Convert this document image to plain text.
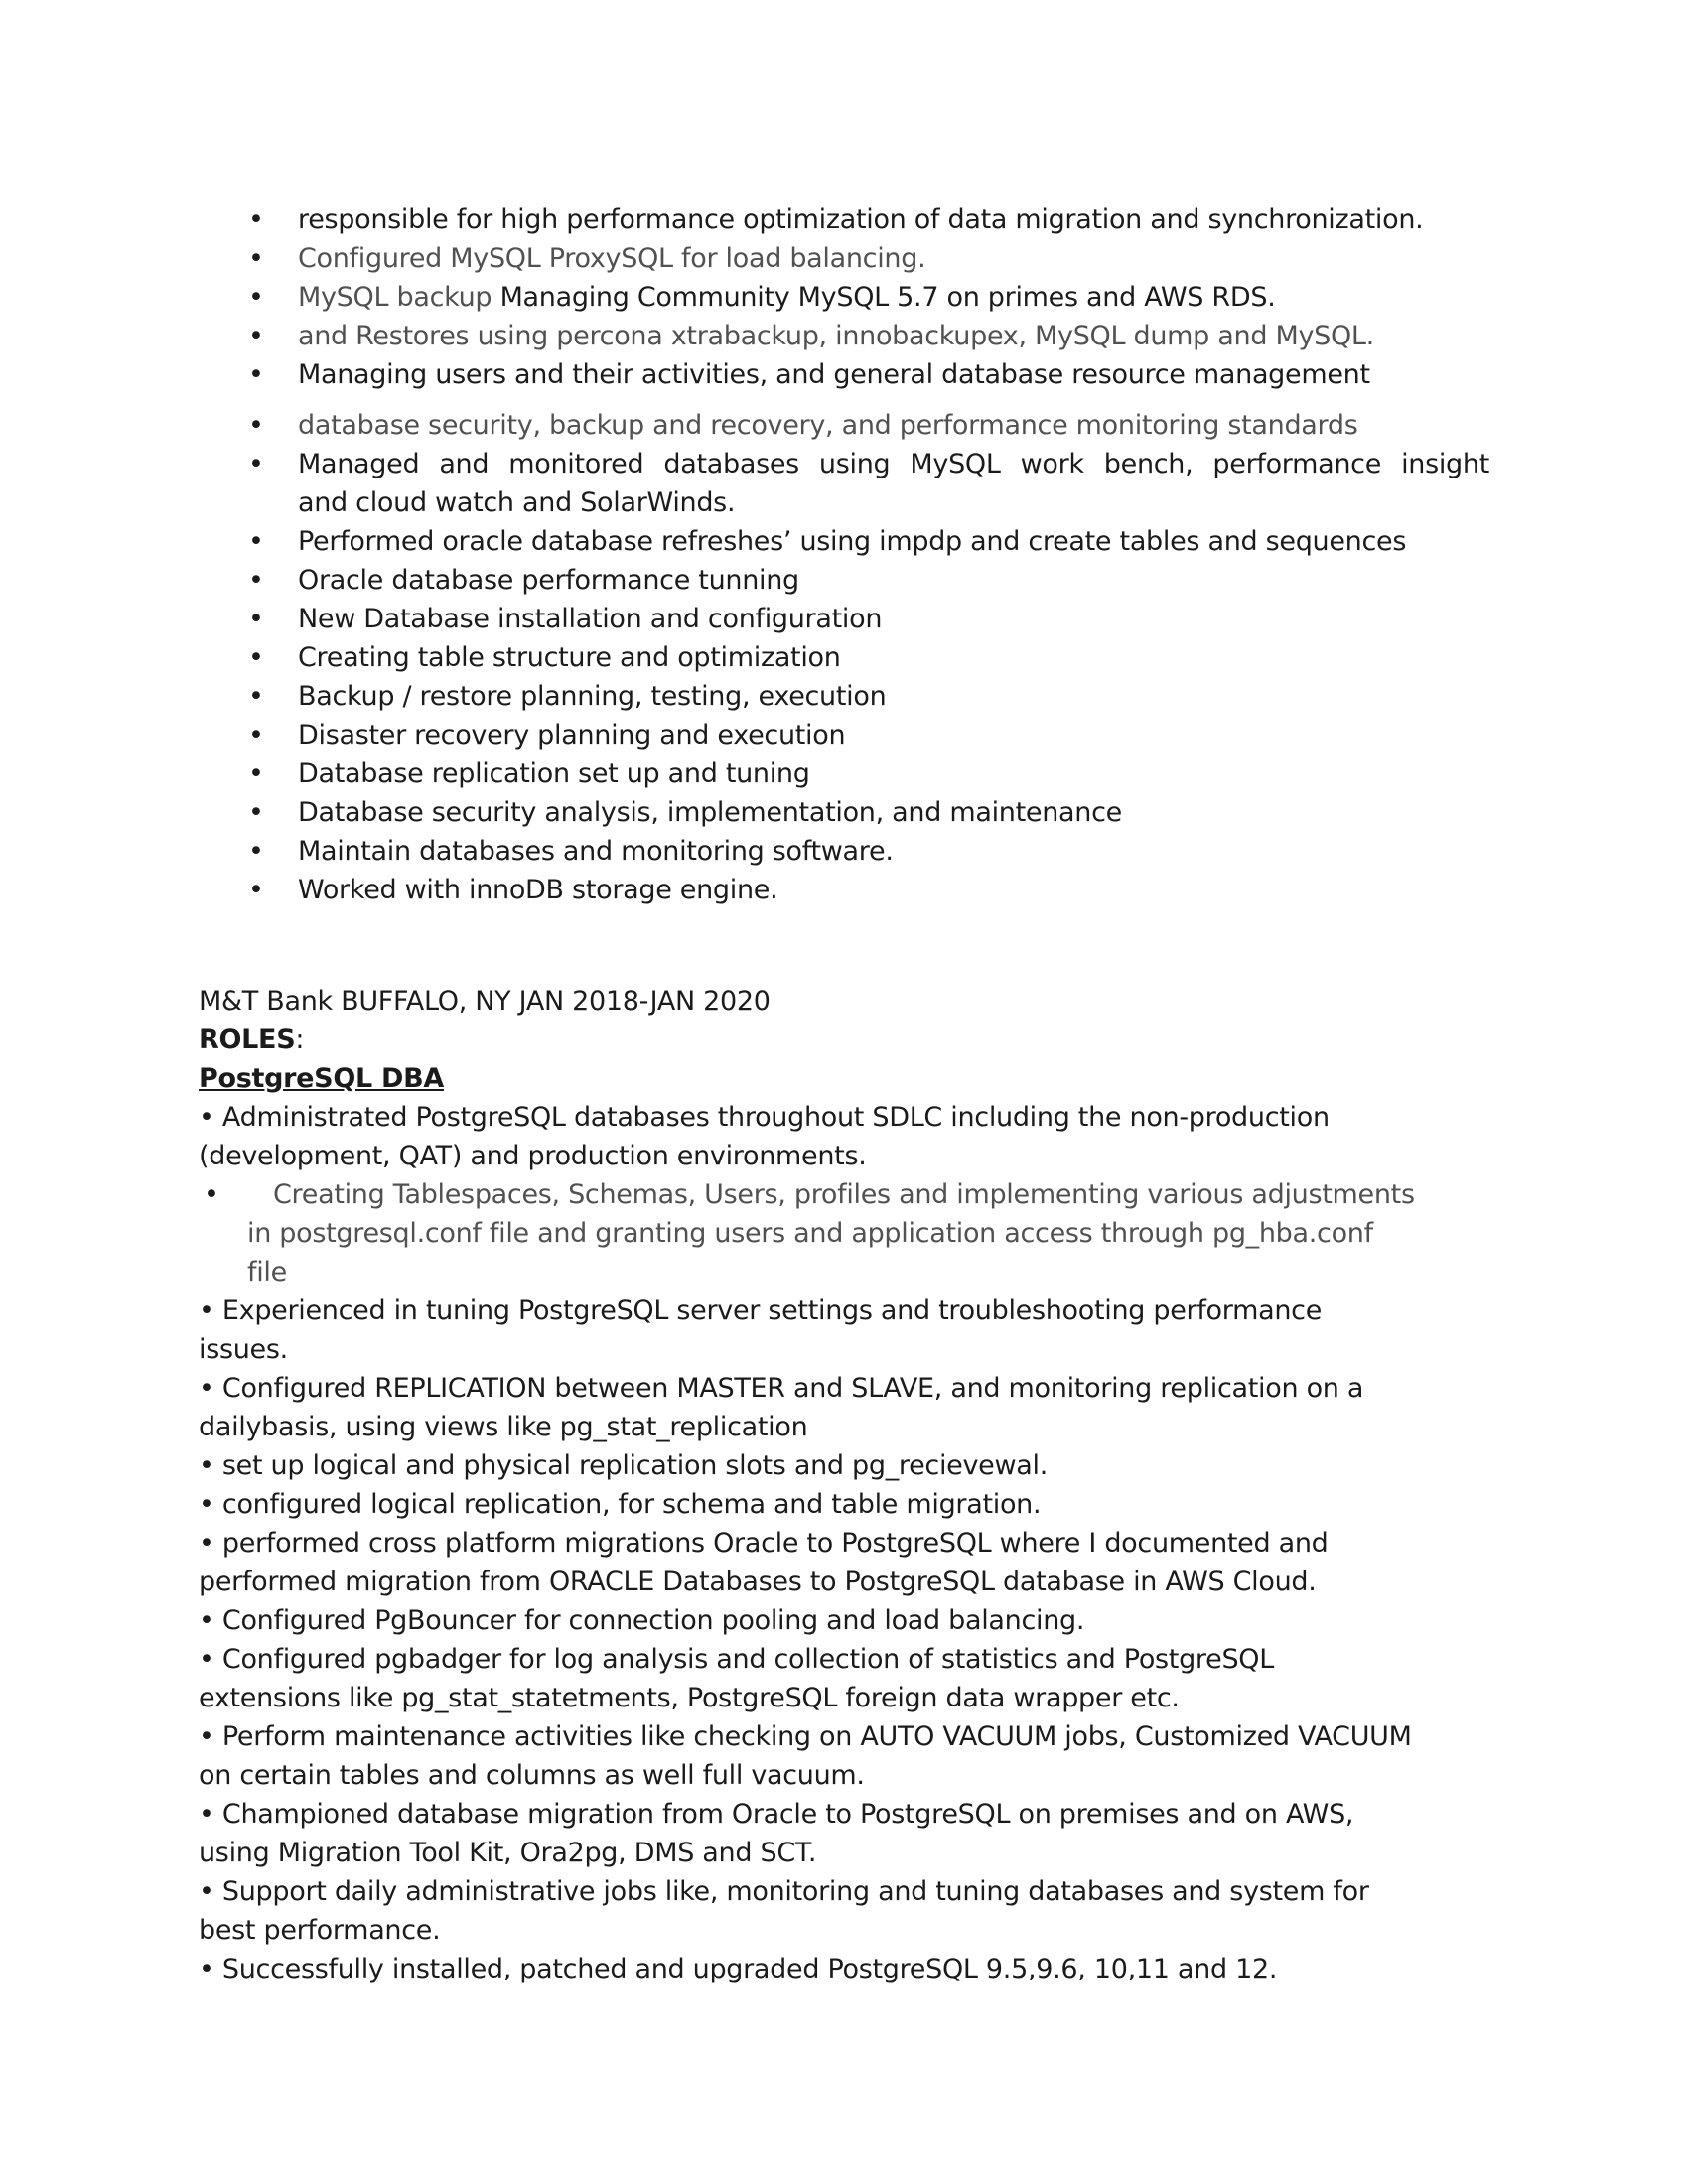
• responsible for high performance optimization of data migration and synchronization.
• Configured MySQL ProxySQL for load balancing.
• MySQL backup Managing Community MySQL 5.7 on primes and AWS RDS.
• and Restores using percona xtrabackup, innobackupex, MySQL dump and MySQL.
• Managing users and their activities, and general database resource management
• database security, backup and recovery, and performance monitoring standards
• Managed and monitored databases using MySQL work bench, performance insight
and cloud watch and SolarWinds.
• Performed oracle database refreshes’ using impdp and create tables and sequences
• Oracle database performance tunning
• New Database installation and configuration
• Creating table structure and optimization
• Backup / restore planning, testing, execution
• Disaster recovery planning and execution
• Database replication set up and tuning
• Database security analysis, implementation, and maintenance
• Maintain databases and monitoring software.
• Worked with innoDB storage engine.
M&T Bank BUFFALO, NY JAN 2018-JAN 2020
ROLES:
PostgreSQL DBA
• Administrated PostgreSQL databases throughout SDLC including the non-production
(development, QAT) and production environments.
• Creating Tablespaces, Schemas, Users, profiles and implementing various adjustments
in postgresql.conf file and granting users and application access through pg_hba.conf
file
• Experienced in tuning PostgreSQL server settings and troubleshooting performance
issues.
• Configured REPLICATION between MASTER and SLAVE, and monitoring replication on a
dailybasis, using views like pg_stat_replication
• set up logical and physical replication slots and pg_recievewal.
• configured logical replication, for schema and table migration.
• performed cross platform migrations Oracle to PostgreSQL where I documented and
performed migration from ORACLE Databases to PostgreSQL database in AWS Cloud.
• Configured PgBouncer for connection pooling and load balancing.
• Configured pgbadger for log analysis and collection of statistics and PostgreSQL
extensions like pg_stat_statetments, PostgreSQL foreign data wrapper etc.
• Perform maintenance activities like checking on AUTO VACUUM jobs, Customized VACUUM
on certain tables and columns as well full vacuum.
• Championed database migration from Oracle to PostgreSQL on premises and on AWS,
using Migration Tool Kit, Ora2pg, DMS and SCT.
• Support daily administrative jobs like, monitoring and tuning databases and system for
best performance.
• Successfully installed, patched and upgraded PostgreSQL 9.5,9.6, 10,11 and 12.
